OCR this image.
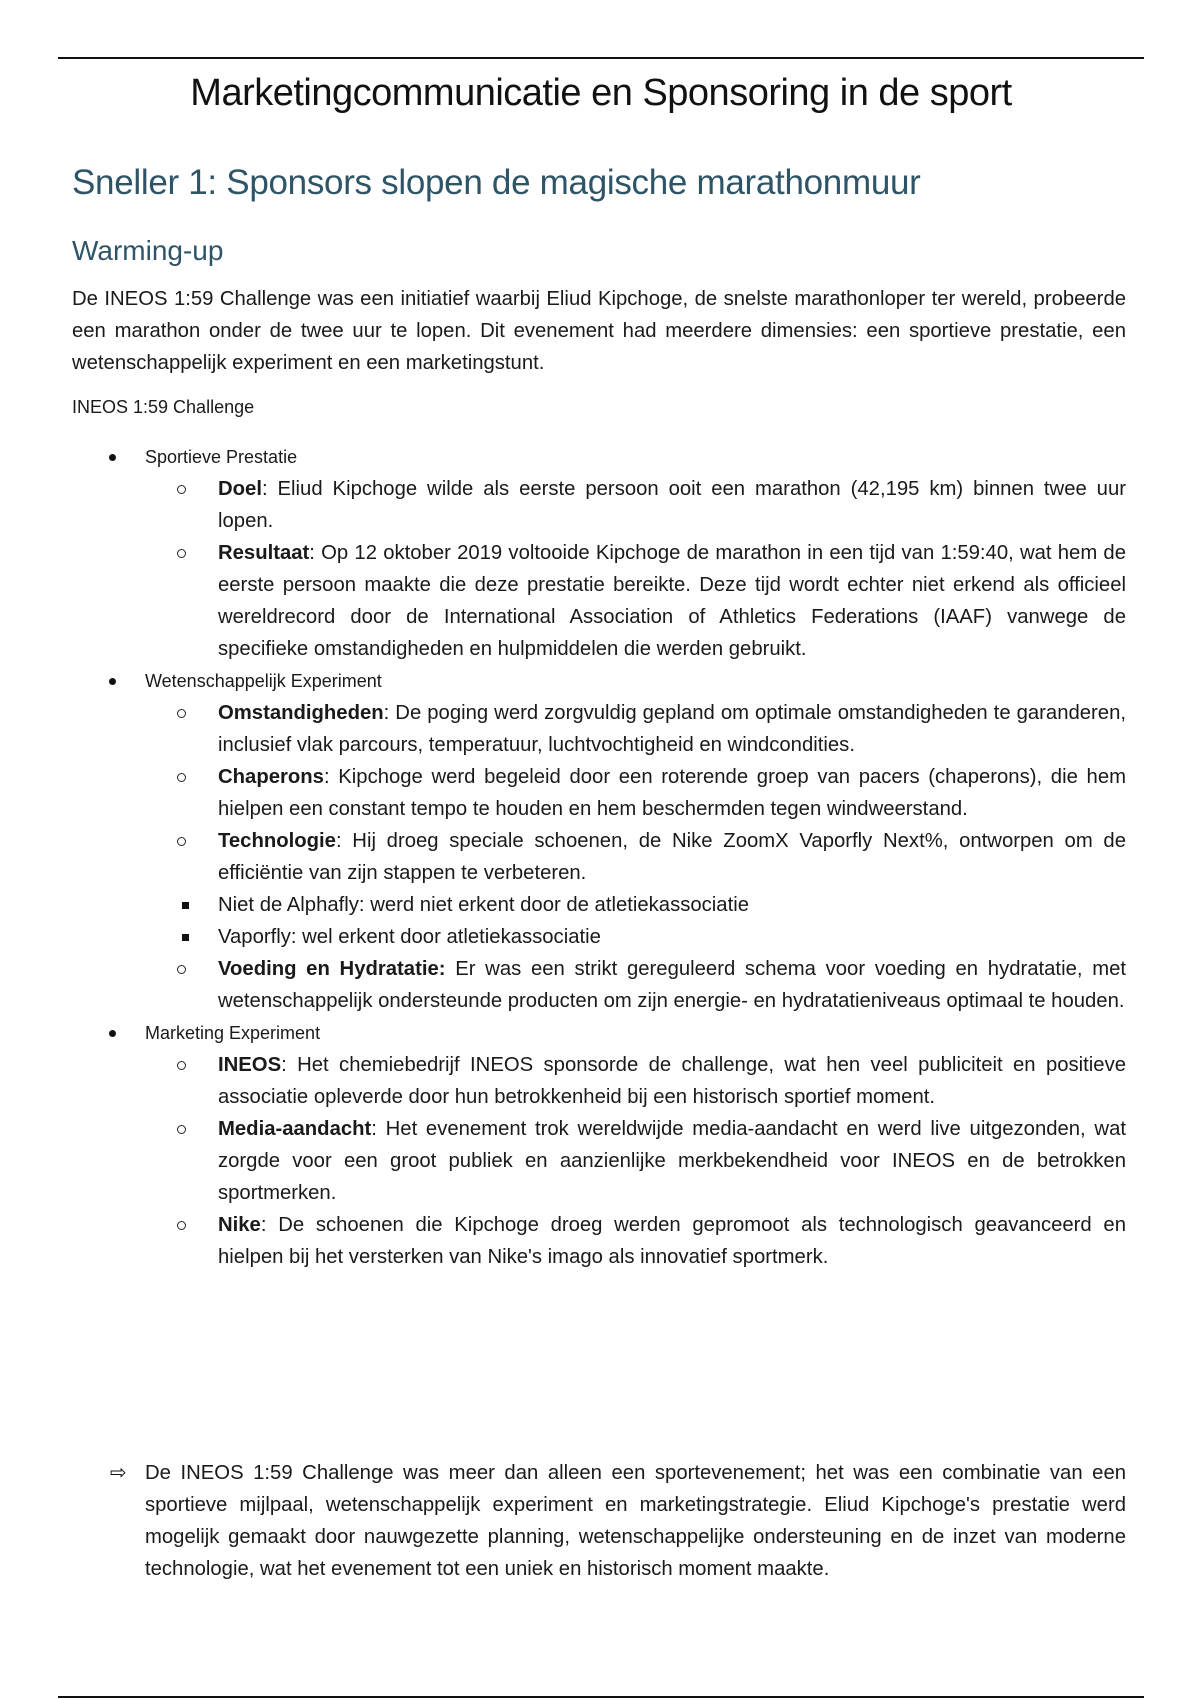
Marketingcommunicatie en Sponsoring in de sport
Sneller 1: Sponsors slopen de magische marathonmuur
Warming-up

De INEOS 1:59 Challenge was een initiatief waarbij Eliud Kipchoge, de snelste marathonloper ter wereld, probeerde een marathon onder de twee uur te lopen. Dit evenement had meerdere dimensies: een sportieve prestatie, een wetenschappelijk experiment en een marketingstunt.

INEOS 1:59 Challenge

Sportieve Prestatie
Doel: Eliud Kipchoge wilde als eerste persoon ooit een marathon (42,195 km) binnen twee uur lopen.
Resultaat: Op 12 oktober 2019 voltooide Kipchoge de marathon in een tijd van 1:59:40, wat hem de eerste persoon maakte die deze prestatie bereikte. Deze tijd wordt echter niet erkend als officieel wereldrecord door de International Association of Athletics Federations (IAAF) vanwege de specifieke omstandigheden en hulpmiddelen die werden gebruikt.
Wetenschappelijk Experiment
Omstandigheden: De poging werd zorgvuldig gepland om optimale omstandigheden te garanderen, inclusief vlak parcours, temperatuur, luchtvochtigheid en windcondities.
Chaperons: Kipchoge werd begeleid door een roterende groep van pacers (chaperons), die hem hielpen een constant tempo te houden en hem beschermden tegen windweerstand.
Technologie: Hij droeg speciale schoenen, de Nike ZoomX Vaporfly Next%, ontworpen om de efficiëntie van zijn stappen te verbeteren.
Niet de Alphafly: werd niet erkent door de atletiekassociatie
Vaporfly: wel erkent door atletiekassociatie
Voeding en Hydratatie: Er was een strikt gereguleerd schema voor voeding en hydratatie, met wetenschappelijk ondersteunde producten om zijn energie- en hydratatieniveaus optimaal te houden.
Marketing Experiment
INEOS: Het chemiebedrijf INEOS sponsorde de challenge, wat hen veel publiciteit en positieve associatie opleverde door hun betrokkenheid bij een historisch sportief moment.
Media-aandacht: Het evenement trok wereldwijde media-aandacht en werd live uitgezonden, wat zorgde voor een groot publiek en aanzienlijke merkbekendheid voor INEOS en de betrokken sportmerken.
Nike: De schoenen die Kipchoge droeg werden gepromoot als technologisch geavanceerd en hielpen bij het versterken van Nike's imago als innovatief sportmerk.
⇨ De INEOS 1:59 Challenge was meer dan alleen een sportevenement; het was een combinatie van een sportieve mijlpaal, wetenschappelijk experiment en marketingstrategie. Eliud Kipchoge's prestatie werd mogelijk gemaakt door nauwgezette planning, wetenschappelijke ondersteuning en de inzet van moderne technologie, wat het evenement tot een uniek en historisch moment maakte.
